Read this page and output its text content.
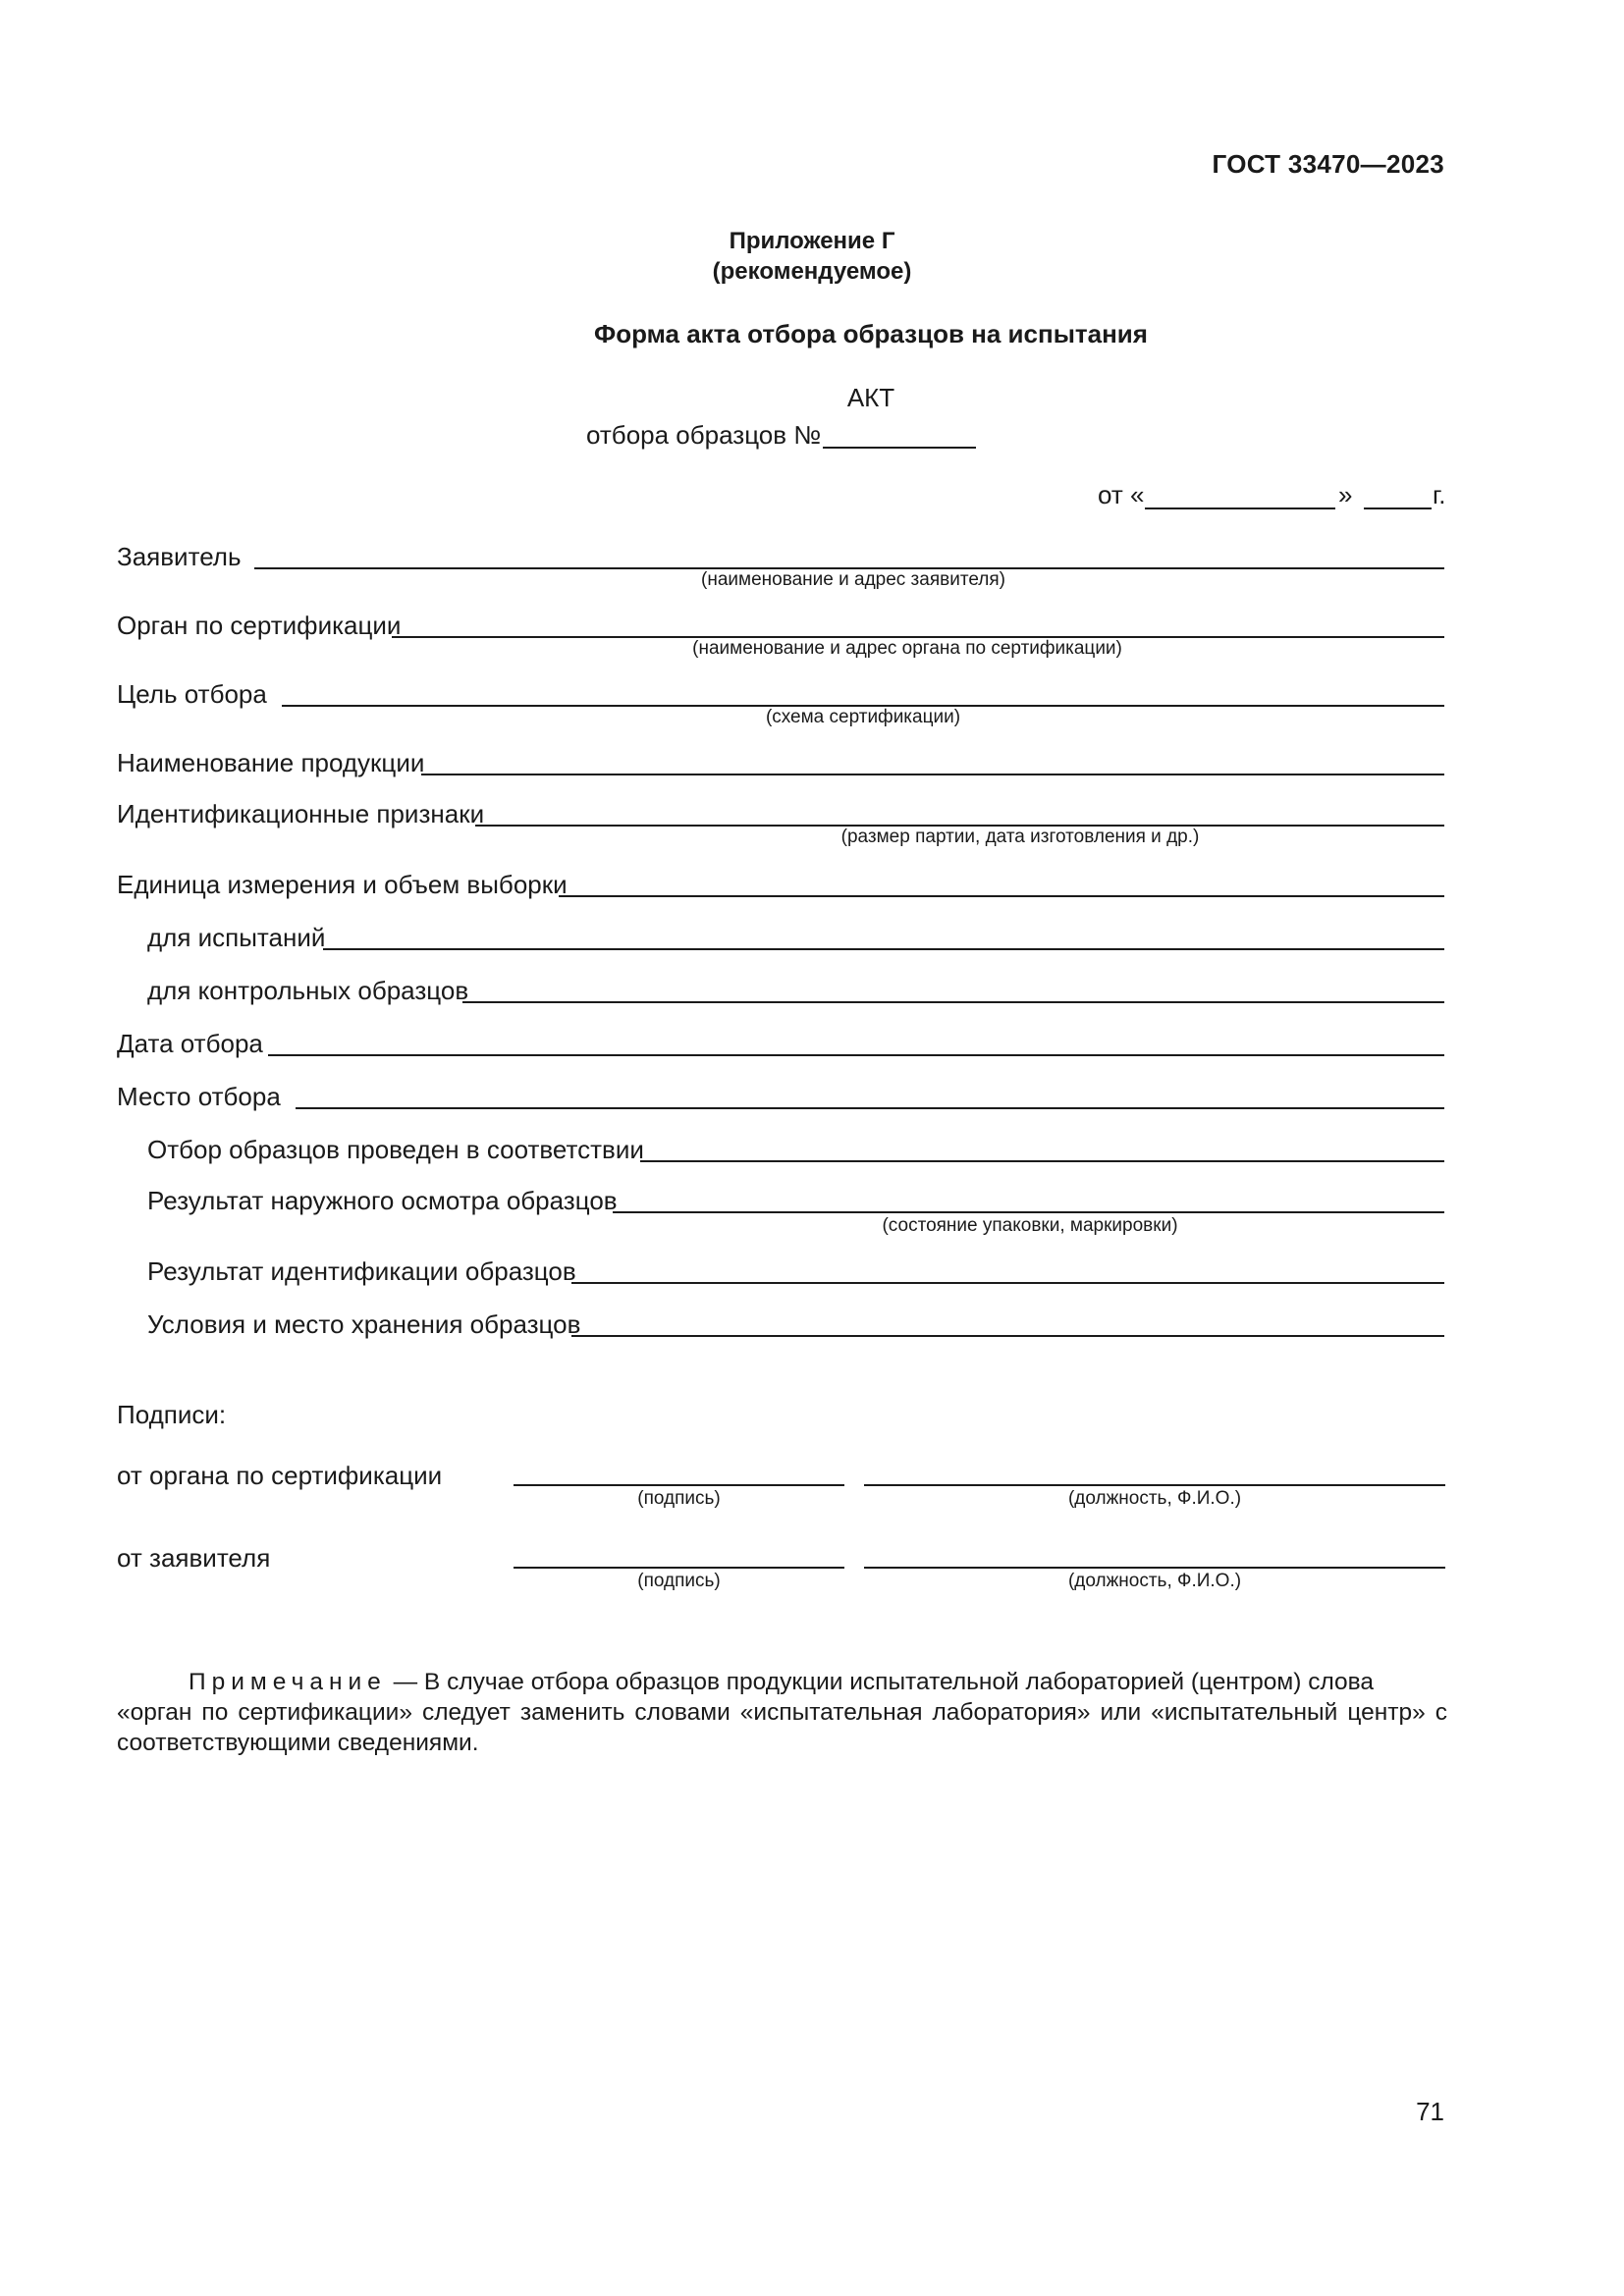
ГОСТ 33470—2023
Приложение Г
(рекомендуемое)
Форма акта отбора образцов на испытания
АКТ
отбора образцов №
от «	»	г.
Заявитель
(наименование и адрес заявителя)
Орган по сертификации
(наименование и адрес органа по сертификации)
Цель отбора
(схема сертификации)
Наименование продукции
Идентификационные признаки
(размер партии, дата изготовления и др.)
Единица измерения и объем выборки
для испытаний
для контрольных образцов
Дата отбора
Место отбора
Отбор образцов проведен в соответствии
Результат наружного осмотра образцов
(состояние упаковки, маркировки)
Результат идентификации образцов
Условия и место хранения образцов
Подписи:
от органа по сертификации
(подпись)	(должность, Ф.И.О.)
от заявителя
(подпись)	(должность, Ф.И.О.)
Примечание — В случае отбора образцов продукции испытательной лабораторией (центром) слова
«орган по сертификации» следует заменить словами «испытательная лаборатория» или «испытательный центр» с соответствующими сведениями.
71
